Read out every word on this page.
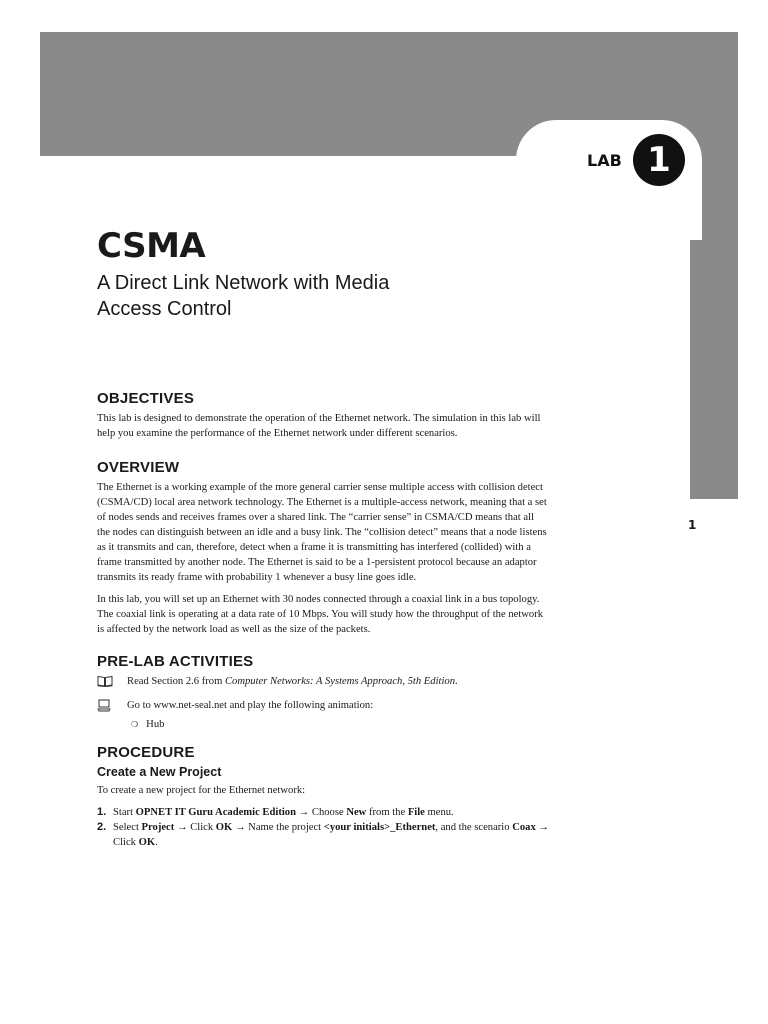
LAB 1
1
CSMA
A Direct Link Network with Media Access Control
OBJECTIVES

This lab is designed to demonstrate the operation of the Ethernet network. The simulation in this lab will help you examine the performance of the Ethernet network under different scenarios.

OVERVIEW

The Ethernet is a working example of the more general carrier sense multiple access with collision detect (CSMA/CD) local area network technology. The Ethernet is a multiple-access network, meaning that a set of nodes sends and receives frames over a shared link. The “carrier sense” in CSMA/CD means that all the nodes can distinguish between an idle and a busy link. The “collision detect” means that a node listens as it transmits and can, therefore, detect when a frame it is transmitting has interfered (collided) with a frame transmitted by another node. The Ethernet is said to be a 1-persistent protocol because an adaptor transmits its ready frame with probability 1 whenever a busy line goes idle.

In this lab, you will set up an Ethernet with 30 nodes connected through a coaxial link in a bus topology. The coaxial link is operating at a data rate of 10 Mbps. You will study how the throughput of the network is affected by the network load as well as the size of the packets.

PRE-LAB ACTIVITIES
Read Section 2.6 from Computer Networks: A Systems Approach, 5th Edition.
Go to www.net-seal.net and play the following animation:
❍ Hub
PROCEDURE
Create a New Project

To create a new project for the Ethernet network:

1. Start OPNET IT Guru Academic Edition → Choose New from the File menu.
2. Select Project → Click OK → Name the project <your initials>_Ethernet, and the scenario Coax → Click OK.
